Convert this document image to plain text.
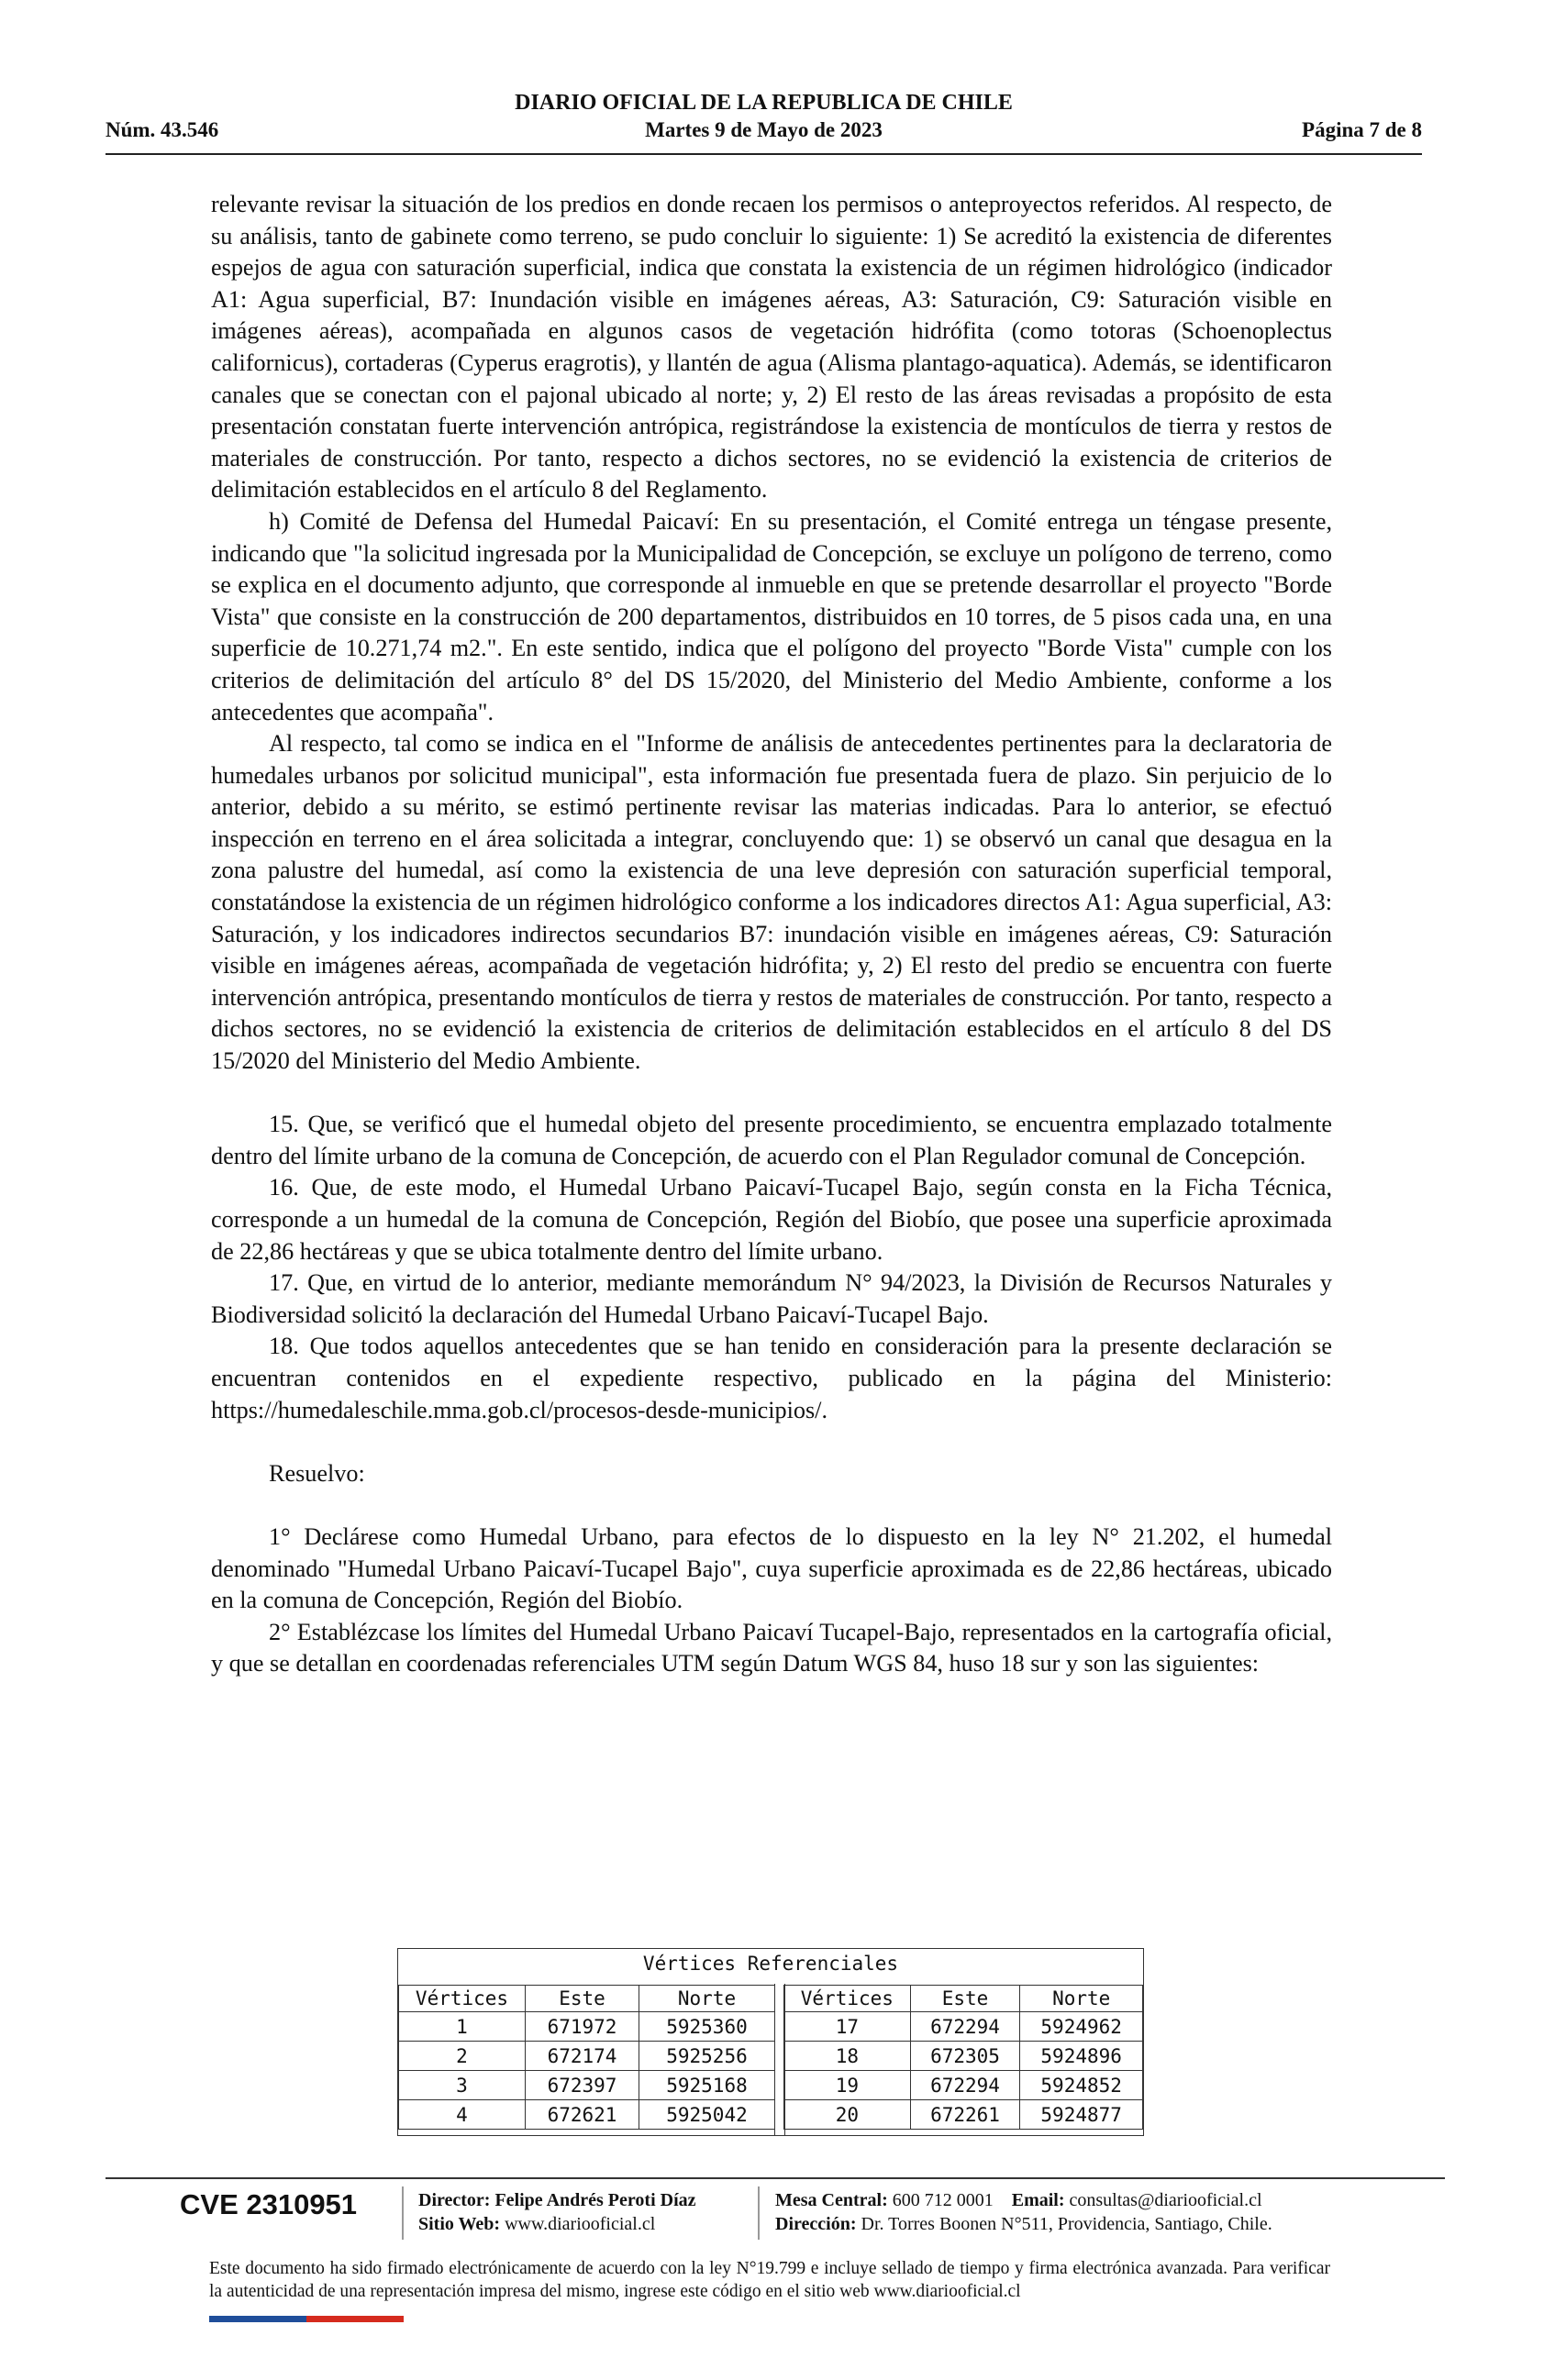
DIARIO OFICIAL DE LA REPUBLICA DE CHILE
Núm. 43.546	Martes 9 de Mayo de 2023	Página 7 de 8

relevante revisar la situación de los predios en donde recaen los permisos o anteproyectos referidos. Al respecto, de su análisis, tanto de gabinete como terreno, se pudo concluir lo siguiente: 1) Se acreditó la existencia de diferentes espejos de agua con saturación superficial, indica que constata la existencia de un régimen hidrológico (indicador A1: Agua superficial, B7: Inundación visible en imágenes aéreas, A3: Saturación, C9: Saturación visible en imágenes aéreas), acompañada en algunos casos de vegetación hidrófita (como totoras (Schoenoplectus californicus), cortaderas (Cyperus eragrotis), y llantén de agua (Alisma plantago-aquatica). Además, se identificaron canales que se conectan con el pajonal ubicado al norte; y, 2) El resto de las áreas revisadas a propósito de esta presentación constatan fuerte intervención antrópica, registrándose la existencia de montículos de tierra y restos de materiales de construcción. Por tanto, respecto a dichos sectores, no se evidenció la existencia de criterios de delimitación establecidos en el artículo 8 del Reglamento.

h) Comité de Defensa del Humedal Paicaví: En su presentación, el Comité entrega un téngase presente, indicando que "la solicitud ingresada por la Municipalidad de Concepción, se excluye un polígono de terreno, como se explica en el documento adjunto, que corresponde al inmueble en que se pretende desarrollar el proyecto "Borde Vista" que consiste en la construcción de 200 departamentos, distribuidos en 10 torres, de 5 pisos cada una, en una superficie de 10.271,74 m2.". En este sentido, indica que el polígono del proyecto "Borde Vista" cumple con los criterios de delimitación del artículo 8° del DS 15/2020, del Ministerio del Medio Ambiente, conforme a los antecedentes que acompaña".

Al respecto, tal como se indica en el "Informe de análisis de antecedentes pertinentes para la declaratoria de humedales urbanos por solicitud municipal", esta información fue presentada fuera de plazo. Sin perjuicio de lo anterior, debido a su mérito, se estimó pertinente revisar las materias indicadas. Para lo anterior, se efectuó inspección en terreno en el área solicitada a integrar, concluyendo que: 1) se observó un canal que desagua en la zona palustre del humedal, así como la existencia de una leve depresión con saturación superficial temporal, constatándose la existencia de un régimen hidrológico conforme a los indicadores directos A1: Agua superficial, A3: Saturación, y los indicadores indirectos secundarios B7: inundación visible en imágenes aéreas, C9: Saturación visible en imágenes aéreas, acompañada de vegetación hidrófita; y, 2) El resto del predio se encuentra con fuerte intervención antrópica, presentando montículos de tierra y restos de materiales de construcción. Por tanto, respecto a dichos sectores, no se evidenció la existencia de criterios de delimitación establecidos en el artículo 8 del DS 15/2020 del Ministerio del Medio Ambiente.

15. Que, se verificó que el humedal objeto del presente procedimiento, se encuentra emplazado totalmente dentro del límite urbano de la comuna de Concepción, de acuerdo con el Plan Regulador comunal de Concepción.

16. Que, de este modo, el Humedal Urbano Paicaví-Tucapel Bajo, según consta en la Ficha Técnica, corresponde a un humedal de la comuna de Concepción, Región del Biobío, que posee una superficie aproximada de 22,86 hectáreas y que se ubica totalmente dentro del límite urbano.

17. Que, en virtud de lo anterior, mediante memorándum N° 94/2023, la División de Recursos Naturales y Biodiversidad solicitó la declaración del Humedal Urbano Paicaví-Tucapel Bajo.

18. Que todos aquellos antecedentes que se han tenido en consideración para la presente declaración se encuentran contenidos en el expediente respectivo, publicado en la página del Ministerio: https://humedaleschile.mma.gob.cl/procesos-desde-municipios/.

Resuelvo:

1° Declárese como Humedal Urbano, para efectos de lo dispuesto en la ley N° 21.202, el humedal denominado "Humedal Urbano Paicaví-Tucapel Bajo", cuya superficie aproximada es de 22,86 hectáreas, ubicado en la comuna de Concepción, Región del Biobío.

2° Establézcase los límites del Humedal Urbano Paicaví Tucapel-Bajo, representados en la cartografía oficial, y que se detallan en coordenadas referenciales UTM según Datum WGS 84, huso 18 sur y son las siguientes:

Vértices Referenciales
Vértices	Este	Norte
1	671972	5925360
2	672174	5925256
3	672397	5925168
4	672621	5925042
Vértices	Este	Norte
17	672294	5924962
18	672305	5924896
19	672294	5924852
20	672261	5924877
CVE 2310951	Director: Felipe Andrés Peroti Díaz
Sitio Web: www.diariooficial.cl
Mesa Central: 600 712 0001 Email: consultas@diariooficial.cl
Dirección: Dr. Torres Boonen N°511, Providencia, Santiago, Chile.
Este documento ha sido firmado electrónicamente de acuerdo con la ley N°19.799 e incluye sellado de tiempo y firma electrónica avanzada. Para verificar la autenticidad de una representación impresa del mismo, ingrese este código en el sitio web www.diariooficial.cl
